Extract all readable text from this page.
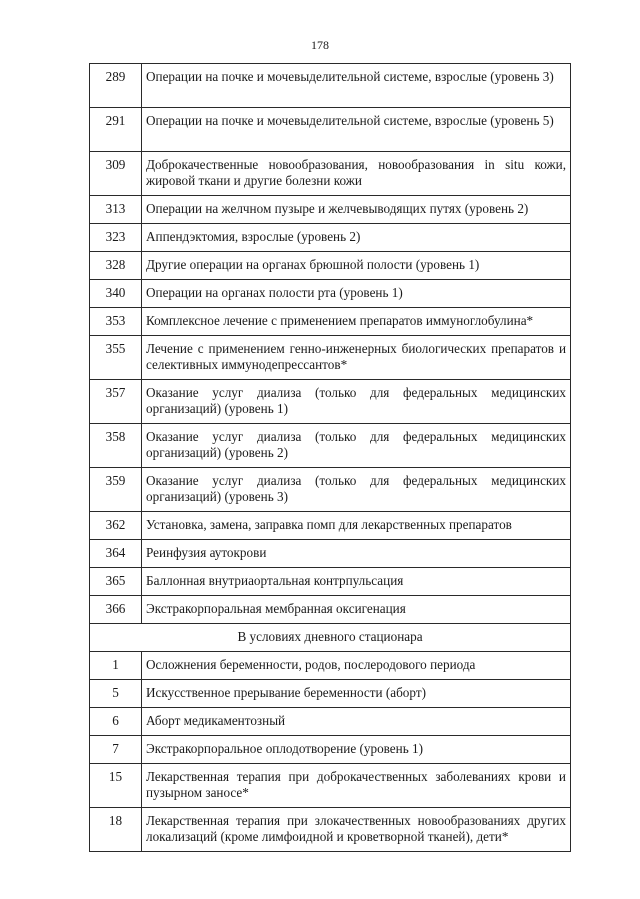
178
289	Операции на почке и мочевыделительной системе, взрослые (уровень 3)
291	Операции на почке и мочевыделительной системе, взрослые (уровень 5)
309	Доброкачественные новообразования, новообразования in situ кожи, жировой ткани и другие болезни кожи
313	Операции на желчном пузыре и желчевыводящих путях (уровень 2)
323	Аппендэктомия, взрослые (уровень 2)
328	Другие операции на органах брюшной полости (уровень 1)
340	Операции на органах полости рта (уровень 1)
353	Комплексное лечение с применением препаратов иммуноглобулина*
355	Лечение с применением генно-инженерных биологических препаратов и селективных иммунодепрессантов*
357	Оказание услуг диализа (только для федеральных медицинских организаций) (уровень 1)
358	Оказание услуг диализа (только для федеральных медицинских организаций) (уровень 2)
359	Оказание услуг диализа (только для федеральных медицинских организаций) (уровень 3)
362	Установка, замена, заправка помп для лекарственных препаратов
364	Реинфузия аутокрови
365	Баллонная внутриаортальная контрпульсация
366	Экстракорпоральная мембранная оксигенация
В условиях дневного стационара	
1	Осложнения беременности, родов, послеродового периода
5	Искусственное прерывание беременности (аборт)
6	Аборт медикаментозный
7	Экстракорпоральное оплодотворение (уровень 1)
15	Лекарственная терапия при доброкачественных заболеваниях крови и пузырном заносе*
18	Лекарственная терапия при злокачественных новообразованиях других локализаций (кроме лимфоидной и кроветворной тканей), дети*
